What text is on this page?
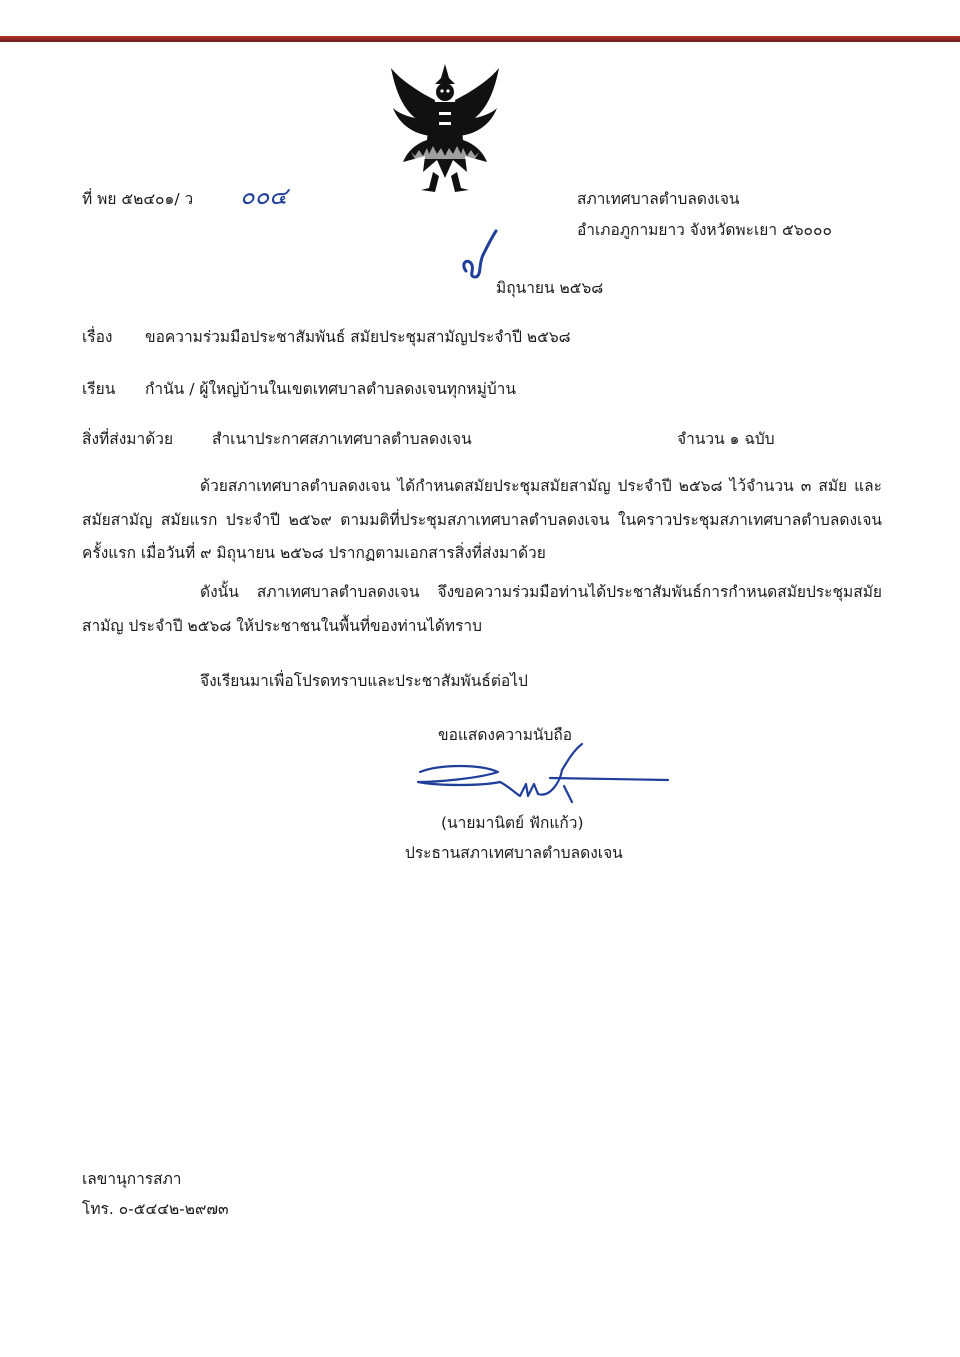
ที่ พย ๕๒๔๐๑/ ว ๐๐๔	สภาเทศบาลตำบลดงเจน
อำเภอภูกามยาว จังหวัดพะเยา ๕๖๐๐๐
มิถุนายน ๒๕๖๘
เรื่อง ขอความร่วมมือประชาสัมพันธ์ สมัยประชุมสามัญประจำปี ๒๕๖๘
เรียน กำนัน / ผู้ใหญ่บ้านในเขตเทศบาลตำบลดงเจนทุกหมู่บ้าน
สิ่งที่ส่งมาด้วย	สำเนาประกาศสภาเทศบาลตำบลดงเจน	จำนวน ๑ ฉบับ
ด้วยสภาเทศบาลตำบลดงเจน ได้กำหนดสมัยประชุมสมัยสามัญ ประจำปี ๒๕๖๘ ไว้จำนวน ๓ สมัย และสมัยสามัญ สมัยแรก ประจำปี ๒๕๖๙ ตามมติที่ประชุมสภาเทศบาลตำบลดงเจน ในคราวประชุมสภาเทศบาลตำบลดงเจน ครั้งแรก เมื่อวันที่ ๙ มิถุนายน ๒๕๖๘ ปรากฏตามเอกสารสิ่งที่ส่งมาด้วย
ดังนั้น สภาเทศบาลตำบลดงเจน จึงขอความร่วมมือท่านได้ประชาสัมพันธ์การกำหนดสมัยประชุมสมัยสามัญ ประจำปี ๒๕๖๘ ให้ประชาชนในพื้นที่ของท่านได้ทราบ
จึงเรียนมาเพื่อโปรดทราบและประชาสัมพันธ์ต่อไป
ขอแสดงความนับถือ
(นายมานิตย์ ฟักแก้ว)
ประธานสภาเทศบาลตำบลดงเจน
เลขานุการสภา
โทร. ๐-๕๔๔๒-๒๙๗๓
